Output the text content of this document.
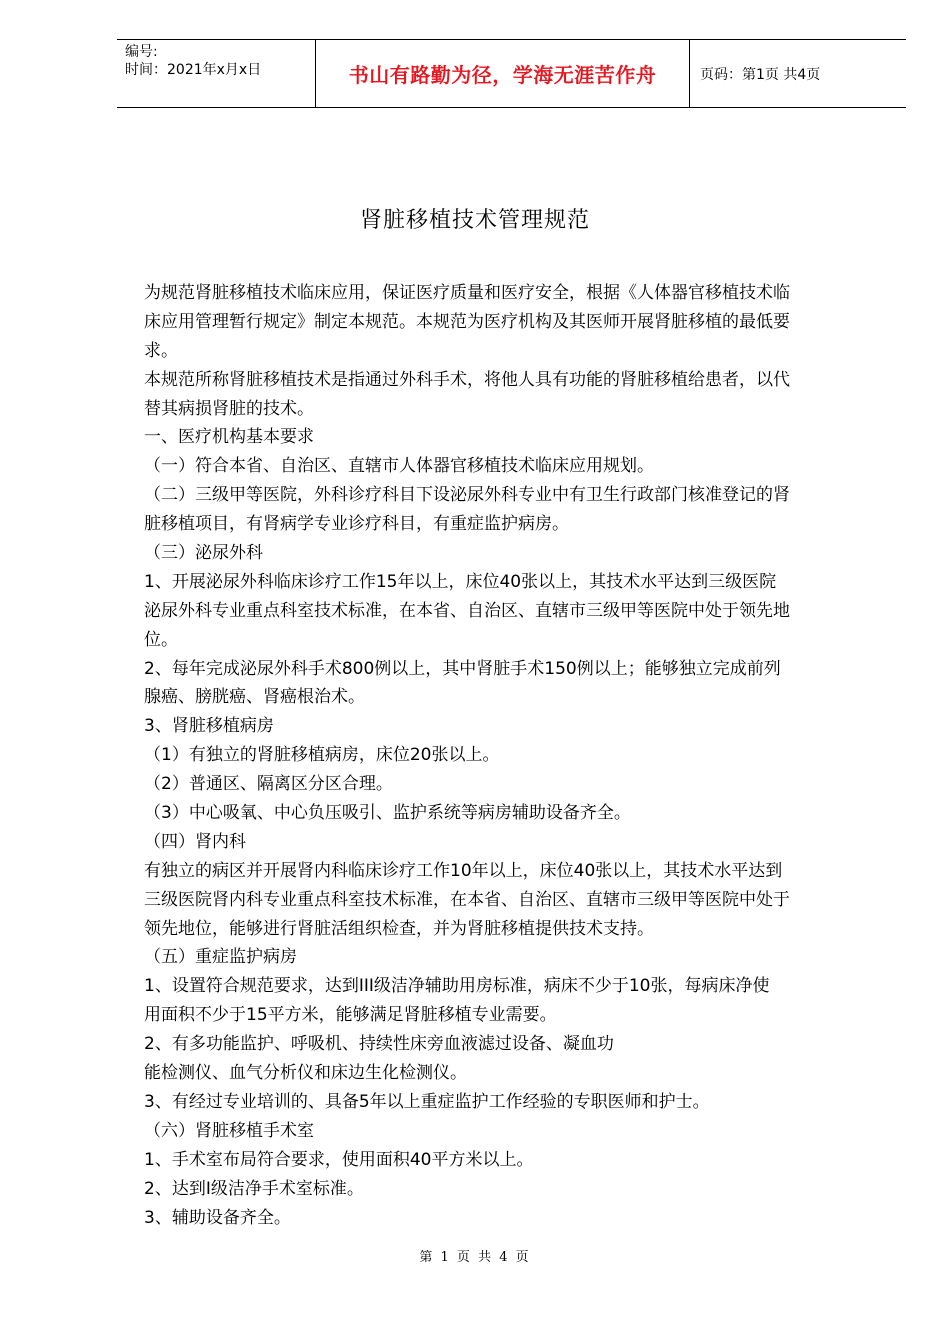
编号:
时间：2021年x月x日	书山有路勤为径，学海无涯苦作舟	页码：第1页 共4页
肾脏移植技术管理规范
为规范肾脏移植技术临床应用，保证医疗质量和医疗安全，根据《人体器官移植技术临
床应用管理暂行规定》制定本规范。本规范为医疗机构及其医师开展肾脏移植的最低要
求。
本规范所称肾脏移植技术是指通过外科手术，将他人具有功能的肾脏移植给患者，以代
替其病损肾脏的技术。
一、医疗机构基本要求
（一）符合本省、自治区、直辖市人体器官移植技术临床应用规划。
（二）三级甲等医院，外科诊疗科目下设泌尿外科专业中有卫生行政部门核准登记的肾
脏移植项目，有肾病学专业诊疗科目，有重症监护病房。
（三）泌尿外科
1、开展泌尿外科临床诊疗工作15年以上，床位40张以上，其技术水平达到三级医院
泌尿外科专业重点科室技术标准，在本省、自治区、直辖市三级甲等医院中处于领先地
位。
2、每年完成泌尿外科手术800例以上，其中肾脏手术150例以上；能够独立完成前列
腺癌、膀胱癌、肾癌根治术。
3、肾脏移植病房
（1）有独立的肾脏移植病房，床位20张以上。
（2）普通区、隔离区分区合理。
（3）中心吸氧、中心负压吸引、监护系统等病房辅助设备齐全。
（四）肾内科
有独立的病区并开展肾内科临床诊疗工作10年以上，床位40张以上，其技术水平达到
三级医院肾内科专业重点科室技术标准，在本省、自治区、直辖市三级甲等医院中处于
领先地位，能够进行肾脏活组织检查，并为肾脏移植提供技术支持。
（五）重症监护病房
1、设置符合规范要求，达到III级洁净辅助用房标准，病床不少于10张，每病床净使
用面积不少于15平方米，能够满足肾脏移植专业需要。
2、有多功能监护、呼吸机、持续性床旁血液滤过设备、凝血功
能检测仪、血气分析仪和床边生化检测仪。
3、有经过专业培训的、具备5年以上重症监护工作经验的专职医师和护士。
（六）肾脏移植手术室
1、手术室布局符合要求，使用面积40平方米以上。
2、达到I级洁净手术室标准。
3、辅助设备齐全。
第 1 页 共 4 页
